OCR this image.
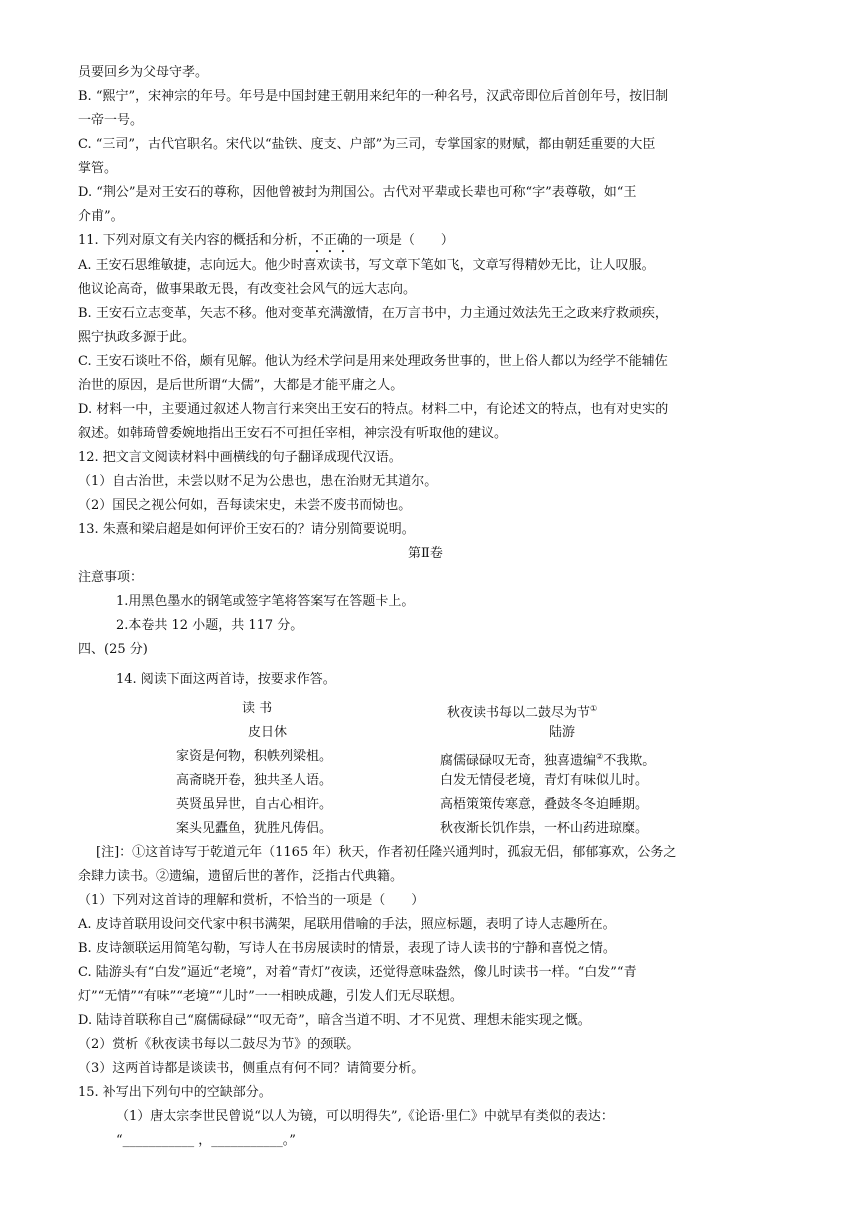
员要回乡为父母守孝。
B. “熙宁”，宋神宗的年号。年号是中国封建王朝用来纪年的一种名号，汉武帝即位后首创年号，按旧制
一帝一号。
C. “三司”，古代官职名。宋代以“盐铁、度支、户部”为三司，专掌国家的财赋，都由朝廷重要的大臣
掌管。
D. “荆公”是对王安石的尊称，因他曾被封为荆国公。古代对平辈或长辈也可称“字”表尊敬，如“王
介甫”。
11. 下列对原文有关内容的概括和分析，不正确的一项是（　　）
A. 王安石思维敏捷，志向远大。他少时喜欢读书，写文章下笔如飞，文章写得精妙无比，让人叹服。
他议论高奇，做事果敢无畏，有改变社会风气的远大志向。
B. 王安石立志变革，矢志不移。他对变革充满激情，在万言书中，力主通过效法先王之政来疗救顽疾，
熙宁执政多源于此。
C. 王安石谈吐不俗，颇有见解。他认为经术学问是用来处理政务世事的，世上俗人都以为经学不能辅佐
治世的原因，是后世所谓“大儒”，大都是才能平庸之人。
D. 材料一中，主要通过叙述人物言行来突出王安石的特点。材料二中，有论述文的特点，也有对史实的
叙述。如韩琦曾委婉地指出王安石不可担任宰相，神宗没有听取他的建议。
12. 把文言文阅读材料中画横线的句子翻译成现代汉语。
（1）自古治世，未尝以财不足为公患也，患在治财无其道尔。
（2）国民之视公何如，吾每读宋史，未尝不废书而恸也。
13. 朱熹和梁启超是如何评价王安石的？请分别简要说明。
第Ⅱ卷
注意事项：
1.用黑色墨水的钢笔或签字笔将答案写在答题卡上。
2.本卷共 12 小题，共 117 分。
四、(25 分)
14. 阅读下面这两首诗，按要求作答。
读 书
皮日休
家资是何物，积帙列梁柤。
高斋晓开卷，独共圣人语。
英贤虽异世，自古心相许。
案头见蠹鱼，犹胜凡俦侣。
秋夜读书每以二鼓尽为节①
陆游
腐儒碌碌叹无奇，独喜遗编②不我欺。
白发无情侵老境，青灯有味似儿时。
高梧策策传寒意，叠鼓冬冬迫睡期。
秋夜渐长饥作祟，一杯山药进琼糜。
[注]：①这首诗写于乾道元年（1165 年）秋天，作者初任隆兴通判时，孤寂无侣，郁郁寡欢，公务之
余肆力读书。②遗编，遗留后世的著作，泛指古代典籍。
（1）下列对这首诗的理解和赏析，不恰当的一项是（　　）
A. 皮诗首联用设问交代家中积书满架，尾联用借喻的手法，照应标题，表明了诗人志趣所在。
B. 皮诗颔联运用简笔勾勒，写诗人在书房展读时的情景，表现了诗人读书的宁静和喜悦之情。
C. 陆游头有“白发”逼近“老境”，对着“青灯”夜读，还觉得意味盎然，像儿时读书一样。“白发”“青
灯”“无情”“有味”“老境”“儿时”一一相映成趣，引发人们无尽联想。
D. 陆诗首联称自己“腐儒碌碌”“叹无奇”，暗含当道不明、才不见赏、理想未能实现之慨。
（2）赏析《秋夜读书每以二鼓尽为节》的颈联。
（3）这两首诗都是谈读书，侧重点有何不同？请简要分析。
15. 补写出下列句中的空缺部分。
（1）唐太宗李世民曾说“以人为镜，可以明得失”,《论语·里仁》中就早有类似的表达：
“___________ ，___________。”
